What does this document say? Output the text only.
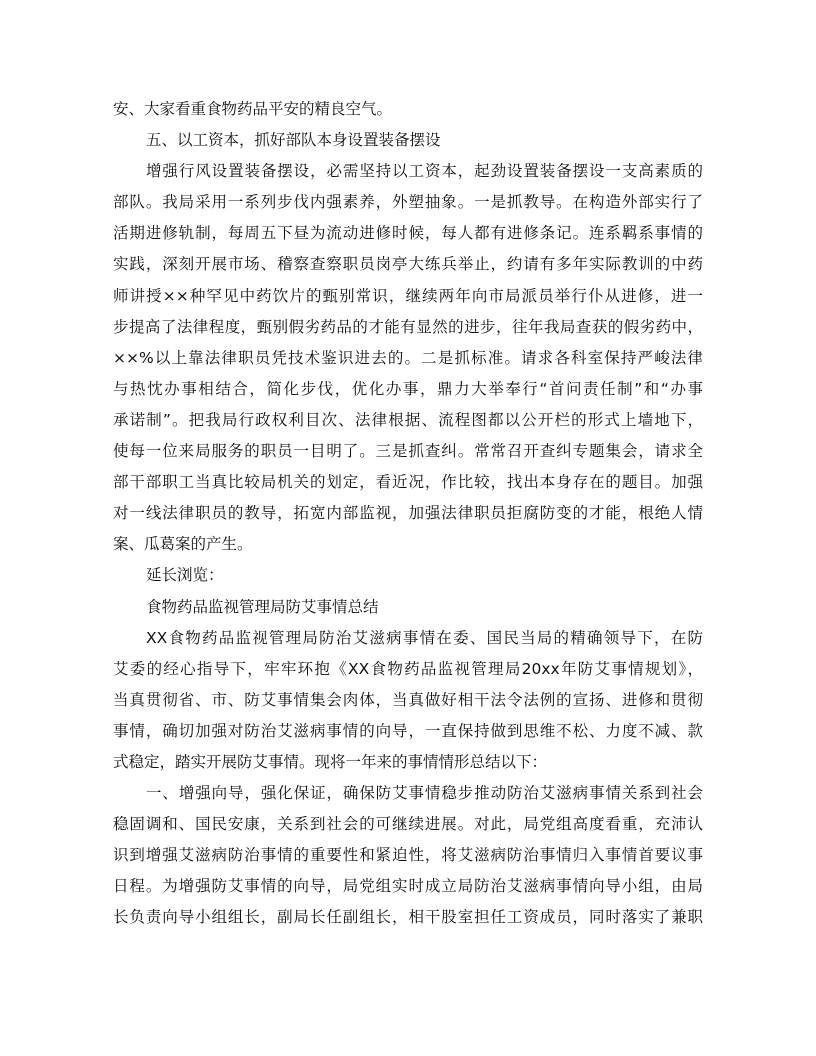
安、大家看重食物药品平安的精良空气。
五、以工资本，抓好部队本身设置装备摆设
增强行风设置装备摆设，必需坚持以工资本，起劲设置装备摆设一支高素质的
部队。我局采用一系列步伐内强素养，外塑抽象。一是抓教导。在构造外部实行了
活期进修轨制，每周五下昼为流动进修时候，每人都有进修条记。连系羁系事情的
实践，深刻开展市场、稽察查察职员岗亭大练兵举止，约请有多年实际教训的中药
师讲授××种罕见中药饮片的甄别常识，继续两年向市局派员举行仆从进修，进一
步提高了法律程度，甄别假劣药品的才能有显然的进步，往年我局查获的假劣药中，
××%以上靠法律职员凭技术鉴识进去的。二是抓标准。请求各科室保持严峻法律
与热忱办事相结合，简化步伐，优化办事，鼎力大举奉行“首问责任制”和“办事
承诺制”。把我局行政权利目次、法律根据、流程图都以公开栏的形式上墙地下，
使每一位来局服务的职员一目明了。三是抓查纠。常常召开查纠专题集会，请求全
部干部职工当真比较局机关的划定，看近况，作比较，找出本身存在的题目。加强
对一线法律职员的教导，拓宽内部监视，加强法律职员拒腐防变的才能，根绝人情
案、瓜葛案的产生。
延长浏览：
食物药品监视管理局防艾事情总结
XX食物药品监视管理局防治艾滋病事情在委、国民当局的精确领导下，在防
艾委的经心指导下，牢牢环抱《XX食物药品监视管理局20xx年防艾事情规划》，
当真贯彻省、市、防艾事情集会肉体，当真做好相干法令法例的宣扬、进修和贯彻
事情，确切加强对防治艾滋病事情的向导，一直保持做到思维不松、力度不减、款
式稳定，踏实开展防艾事情。现将一年来的事情情形总结以下：
一、增强向导，强化保证，确保防艾事情稳步推动防治艾滋病事情关系到社会
稳固调和、国民安康，关系到社会的可继续进展。对此，局党组高度看重，充沛认
识到增强艾滋病防治事情的重要性和紧迫性，将艾滋病防治事情归入事情首要议事
日程。为增强防艾事情的向导，局党组实时成立局防治艾滋病事情向导小组，由局
长负责向导小组组长，副局长任副组长，相干股室担任工资成员，同时落实了兼职
